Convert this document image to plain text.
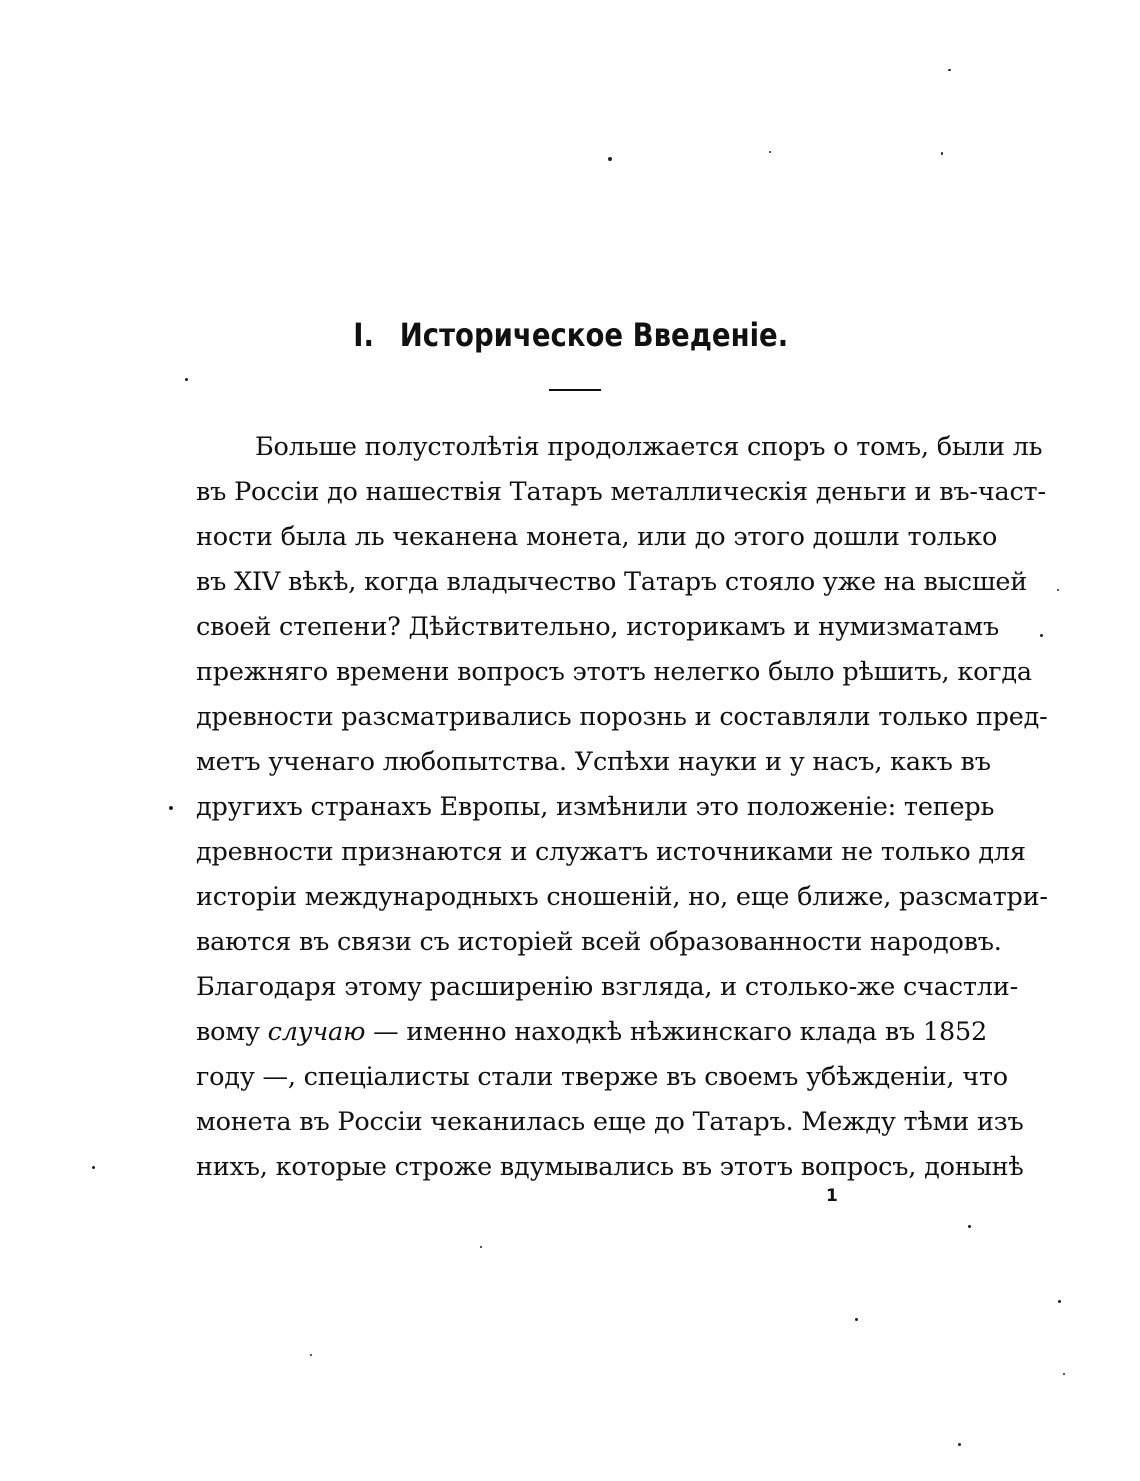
I. Историческое Введеніе.
Больше полустолѣтія продолжается споръ о томъ, были ль
въ Россіи до нашествія Татаръ металлическія деньги и въ-част-
ности была ль чеканена монета, или до этого дошли только
въ XIV вѣкѣ, когда владычество Татаръ стояло уже на высшей
своей степени? Дѣйствительно, историкамъ и нумизматамъ
прежняго времени вопросъ этотъ нелегко было рѣшить, когда
древности разсматривались порознь и составляли только пред-
метъ ученаго любопытства. Успѣхи науки и у насъ, какъ въ
другихъ странахъ Европы, измѣнили это положеніе: теперь
древности признаются и служатъ источниками не только для
исторіи международныхъ сношеній, но, еще ближе, разсматри-
ваются въ связи съ исторіей всей образованности народовъ.
Благодаря этому расширенію взгляда, и столько-же счастли-
вому случаю — именно находкѣ нѣжинскаго клада въ 1852
году —, спеціалисты стали тверже въ своемъ убѣжденіи, что
монета въ Россіи чеканилась еще до Татаръ. Между тѣми изъ
нихъ, которые строже вдумывались въ этотъ вопросъ, донынѣ
1
